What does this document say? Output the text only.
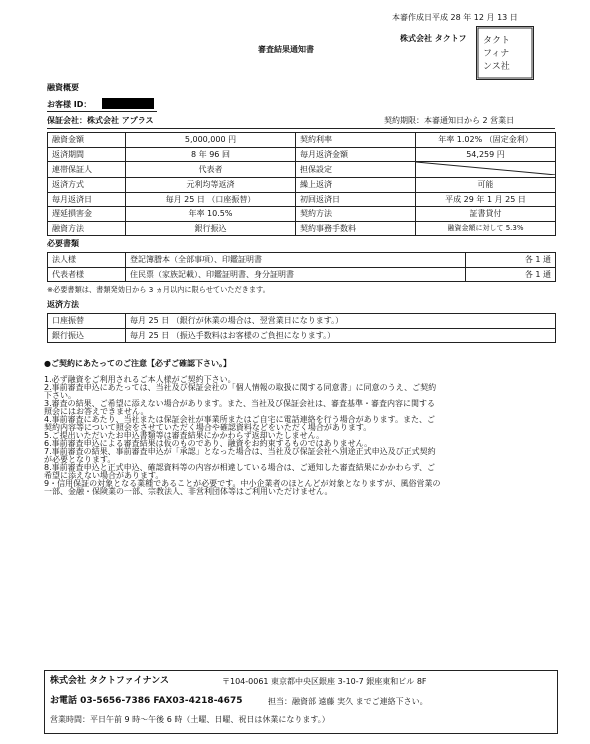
本審作成日平成 28 年 12 月 13 日
株式会社 タクトフ タクト
フィナ
ンス社
審査結果通知書
融資概要
お客様 ID：
保証会社：株式会社 アプラス	契約期限：本審通知日から 2 営業日
融資金額	5,000,000 円	契約利率	年率 1.02% （固定金利）
返済期間	8 年 96 回	毎月返済金額	54,259 円
連帯保証人	代表者	担保設定	
返済方式	元利均等返済	繰上返済	可能
毎月返済日	毎月 25 日 （口座振替）	初回返済日	平成 29 年 1 月 25 日
遅延損害金	年率 10.5%	契約方法	証書貸付
融資方法	銀行振込	契約事務手数料	融資金額に対して 5.3%
必要書類
法人様	登記簿謄本（全部事項）、印鑑証明書	各 1 通
代表者様	住民票（家族記載）、印鑑証明書、身分証明書	各 1 通
※必要書類は、書類発効日から 3 ヵ月以内に限らせていただきます。
返済方法
口座振替	毎月 25 日 （銀行が休業の場合は、翌営業日になります。）
銀行振込	毎月 25 日 （振込手数料はお客様のご負担になります。）
●ご契約にあたってのご注意【必ずご確認下さい。】

1.必ず融資をご利用されるご本人様がご契約下さい。

2.事前審査申込にあたっては、当社及び保証会社の「個人情報の取扱に関する同意書」に同意のうえ、ご契約

下さい。

3.審査の結果、ご希望に添えない場合があります。また、当社及び保証会社は、審査基準・審査内容に関する

照会にはお答えできません。

4.事前審査にあたり、当社または保証会社が事業所またはご自宅に電話連絡を行う場合があります。また、ご

契約内容等について照会をさせていただく場合や確認資料などをいただく場合があります。

5.ご提出いただいたお申込書類等は審査結果にかかわらず返却いたしません。

6.事前審査申込による審査結果は仮のものであり、融資をお約束するものではありません。

7.事前審査の結果、事前審査申込が「承認」となった場合は、当社及び保証会社へ別途正式申込及び正式契約

が必要となります。

8.事前審査申込と正式申込、確認資料等の内容が相違している場合は、ご通知した審査結果にかかわらず、ご

希望に添えない場合があります。

9・信用保証の対象となる業種であることが必要です。中小企業者のほとんどが対象となりますが、風俗営業の

一部、金融・保険業の一部、宗教法人、非営利団体等はご利用いただけません。

株式会社 タクトファイナンス	〒104-0061 東京都中央区銀座 3-10-7 銀座東和ビル 8F
お電話 03-5656-7386 FAX03-4218-4675	担当：融資部 遠藤 実久 までご連絡下さい。
営業時間：平日午前 9 時〜午後 6 時（土曜、日曜、祝日は休業になります。）
